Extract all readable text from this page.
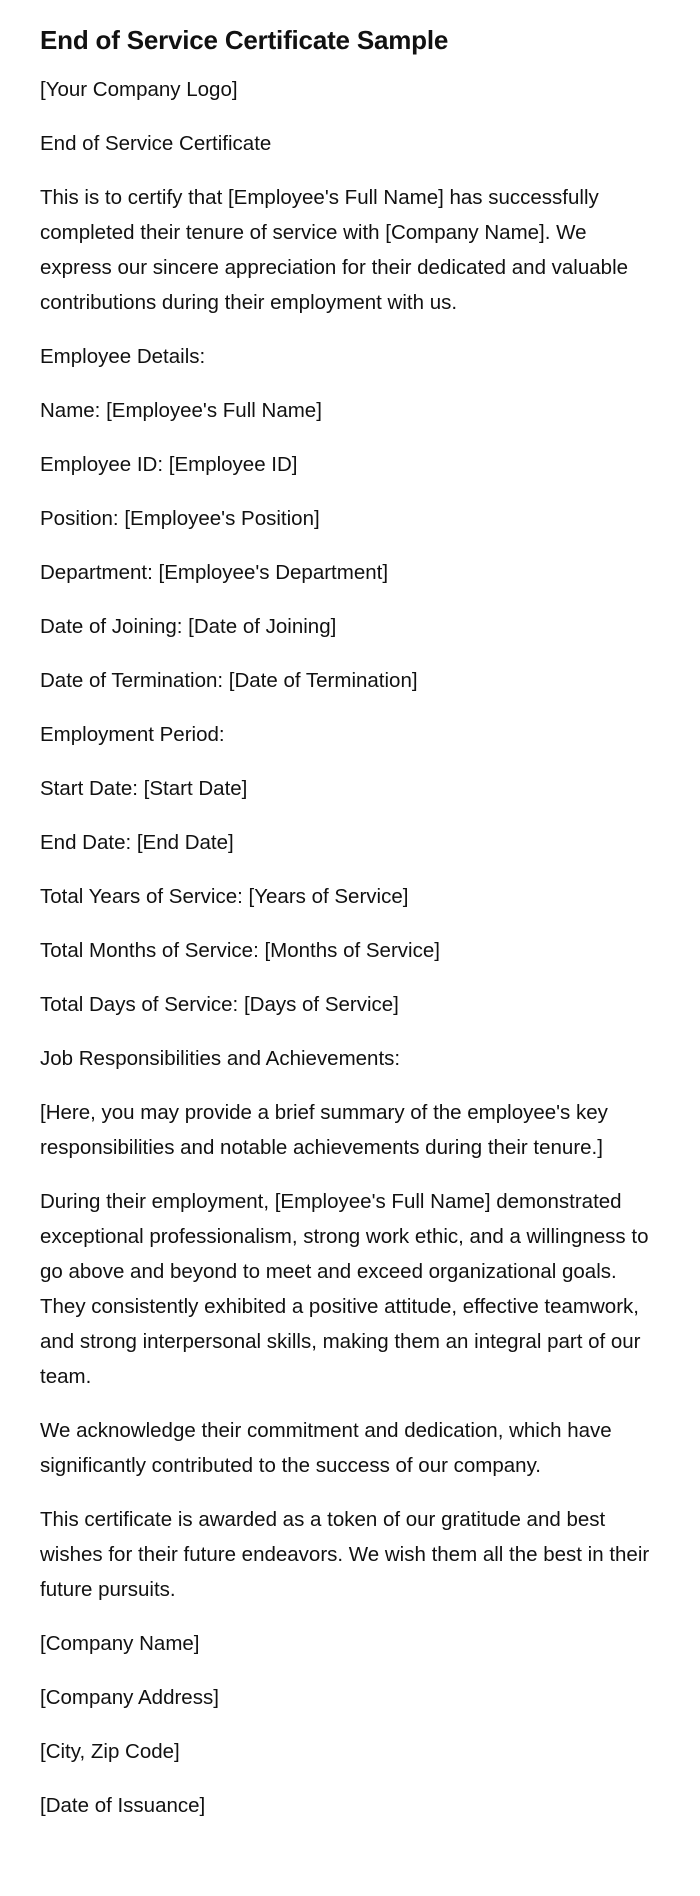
End of Service Certificate Sample

[Your Company Logo]

End of Service Certificate

This is to certify that [Employee's Full Name] has successfully completed their tenure of service with [Company Name]. We express our sincere appreciation for their dedicated and valuable contributions during their employment with us.

Employee Details:

Name: [Employee's Full Name]

Employee ID: [Employee ID]

Position: [Employee's Position]

Department: [Employee's Department]

Date of Joining: [Date of Joining]

Date of Termination: [Date of Termination]

Employment Period:

Start Date: [Start Date]

End Date: [End Date]

Total Years of Service: [Years of Service]

Total Months of Service: [Months of Service]

Total Days of Service: [Days of Service]

Job Responsibilities and Achievements:

[Here, you may provide a brief summary of the employee's key responsibilities and notable achievements during their tenure.]

During their employment, [Employee's Full Name] demonstrated exceptional professionalism, strong work ethic, and a willingness to go above and beyond to meet and exceed organizational goals. They consistently exhibited a positive attitude, effective teamwork, and strong interpersonal skills, making them an integral part of our team.

We acknowledge their commitment and dedication, which have significantly contributed to the success of our company.

This certificate is awarded as a token of our gratitude and best wishes for their future endeavors. We wish them all the best in their future pursuits.

[Company Name]

[Company Address]

[City, Zip Code]

[Date of Issuance]
